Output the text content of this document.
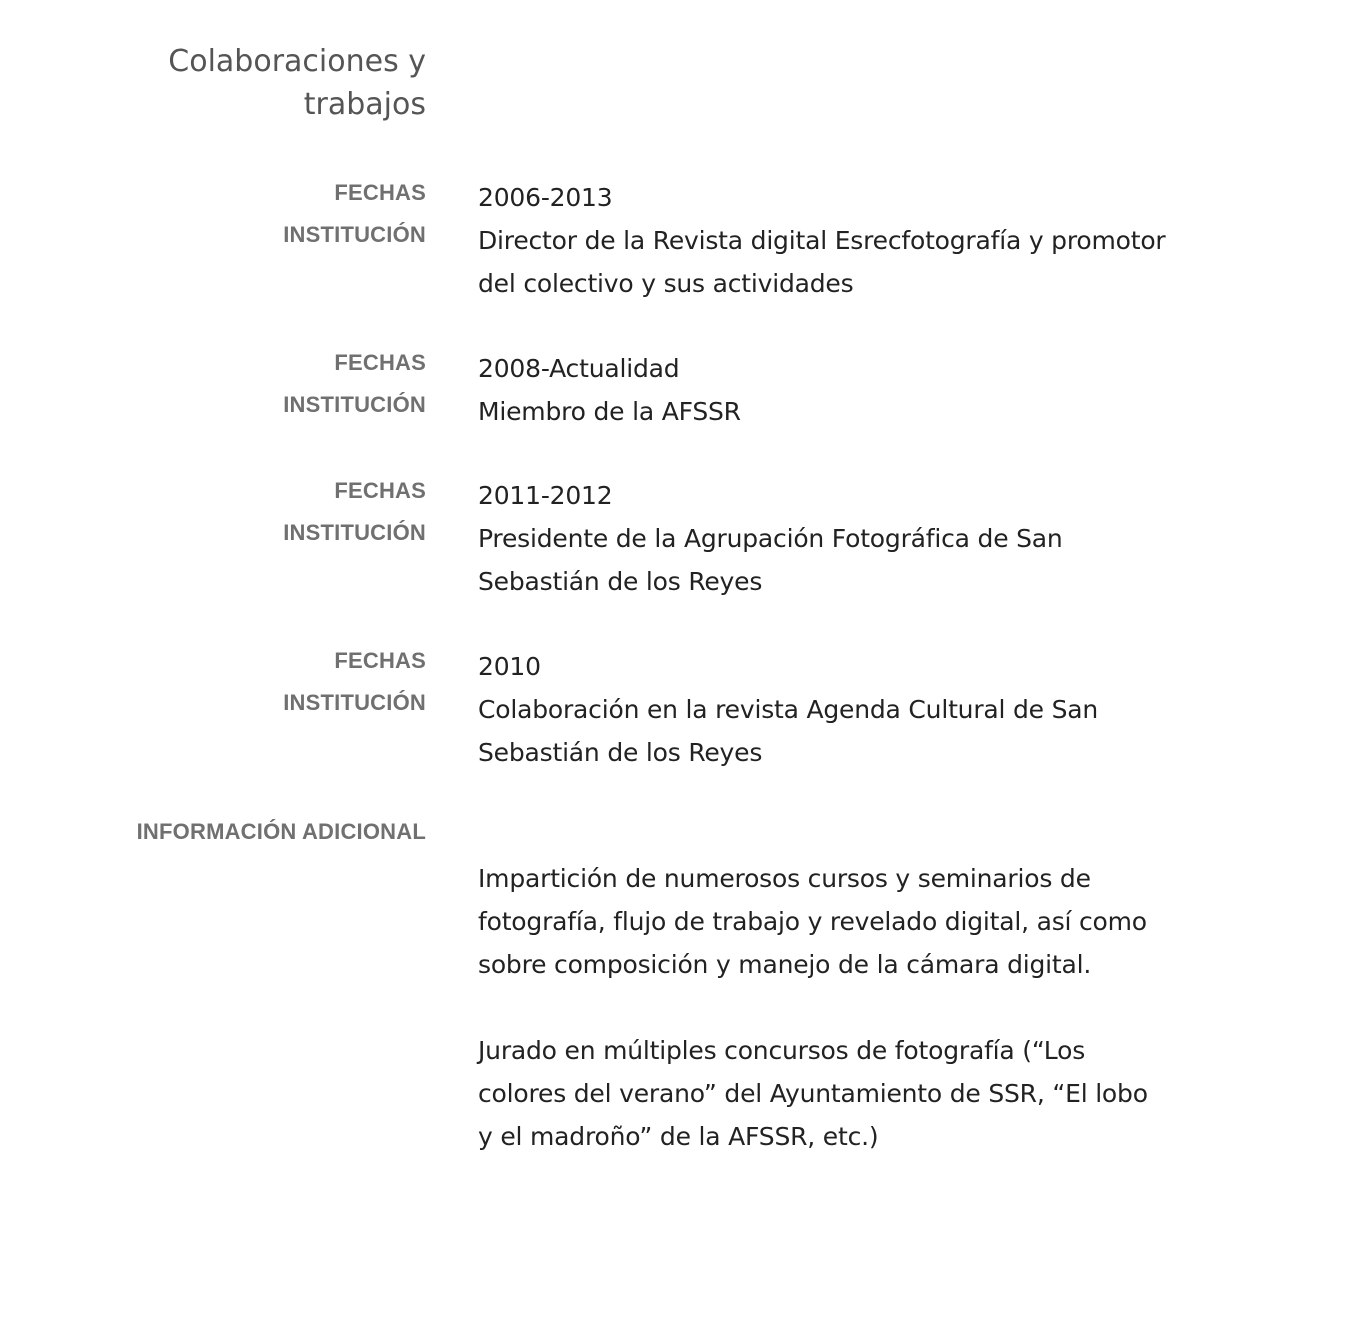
Colaboraciones y
trabajos
FECHAS
INSTITUCIÓN

2006-2013

Director de la Revista digital Esrecfotografía y promotor del colectivo y sus actividades

FECHAS
INSTITUCIÓN

2008-Actualidad

Miembro de la AFSSR

FECHAS
INSTITUCIÓN

2011-2012

Presidente de la Agrupación Fotográfica de San Sebastián de los Reyes

FECHAS
INSTITUCIÓN

2010

Colaboración en la revista Agenda Cultural de San Sebastián de los Reyes

INFORMACIÓN ADICIONAL

Impartición de numerosos cursos y seminarios de fotografía, flujo de trabajo y revelado digital, así como sobre composición y manejo de la cámara digital.

Jurado en múltiples concursos de fotografía (“Los colores del verano” del Ayuntamiento de SSR, “El lobo y el madroño” de la AFSSR, etc.)
